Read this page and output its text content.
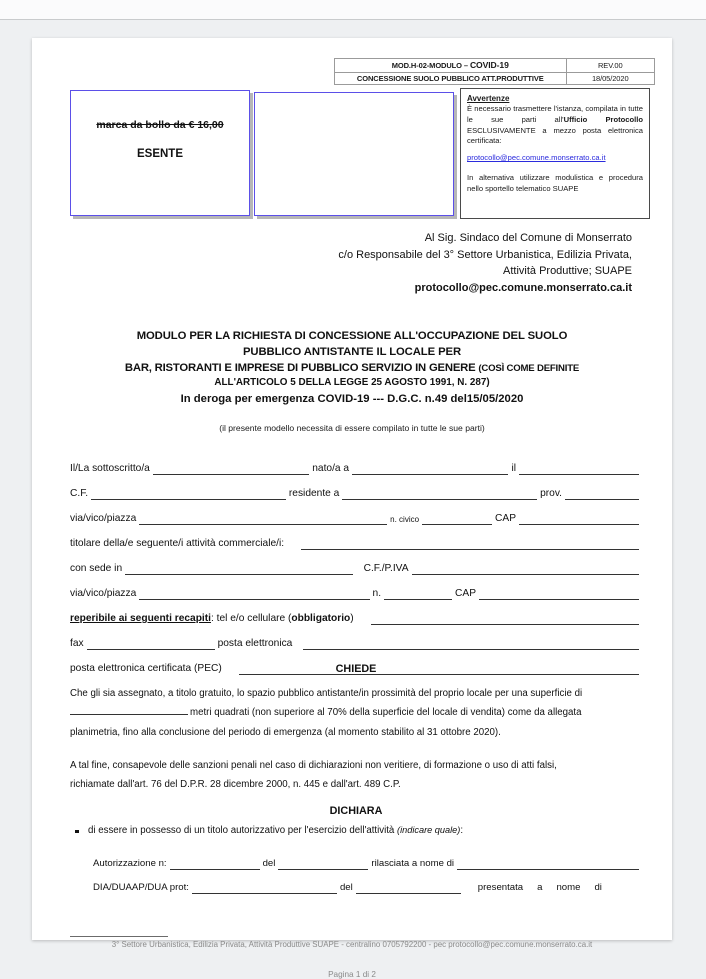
MOD.H-02-MODULO – COVID-19	REV.00
CONCESSIONE SUOLO PUBBLICO ATT.PRODUTTIVE	18/05/2020
marca da bollo da € 16,00
ESENTE
Avvertenze

È necessario trasmettere l'istanza, compilata in tutte le sue parti all'Ufficio Protocollo ESCLUSIVAMENTE a mezzo posta elettronica certificata:

protocollo@pec.comune.monserrato.ca.it

In alternativa utilizzare modulistica e procedura nello sportello telematico SUAPE

Al Sig. Sindaco del Comune di Monserrato
c/o Responsabile del 3° Settore Urbanistica, Edilizia Privata,
Attività Produttive; SUAPE
protocollo@pec.comune.monserrato.ca.it
MODULO PER LA RICHIESTA DI CONCESSIONE ALL'OCCUPAZIONE DEL SUOLO
PUBBLICO ANTISTANTE IL LOCALE PER
BAR, RISTORANTI E IMPRESE DI PUBBLICO SERVIZIO IN GENERE (COSÌ COME DEFINITE
ALL'ARTICOLO 5 DELLA LEGGE 25 AGOSTO 1991, N. 287)
In deroga per emergenza COVID-19 --- D.G.C. n.49 del15/05/2020
(il presente modello necessita di essere compilato in tutte le sue parti)
Il/La sottoscritto/a	nato/a a	il
C.F.	residente a	prov.
via/vico/piazza	n. civico	CAP
titolare della/e seguente/i attività commerciale/i:
con sede in	C.F./P.IVA
via/vico/piazza	n.	CAP
reperibile ai seguenti recapiti : tel e/o cellulare ( obbligatorio )
fax	posta elettronica
posta elettronica certificata (PEC)	CHIEDE
Che gli sia assegnato, a titolo gratuito, lo spazio pubblico antistante/in prossimità del proprio locale per una superficie di
metri quadrati (non superiore al 70% della superficie del locale di vendita) come da allegata
planimetria, fino alla conclusione del periodo di emergenza (al momento stabilito al 31 ottobre 2020).
A tal fine, consapevole delle sanzioni penali nel caso di dichiarazioni non veritiere, di formazione o uso di atti falsi,
richiamate dall'art. 76 del D.P.R. 28 dicembre 2000, n. 445 e dall'art. 489 C.P.
DICHIARA
di essere in possesso di un titolo autorizzativo per l'esercizio dell'attività (indicare quale):
Autorizzazione n:	del	rilasciata a nome di
DIA/DUAAP/DUA prot:	del	presentata a nome di
3° Settore Urbanistica, Edilizia Privata, Attività Produttive SUAPE - centralino 0705792200 - pec protocollo@pec.comune.monserrato.ca.it
Pagina 1 di 2
